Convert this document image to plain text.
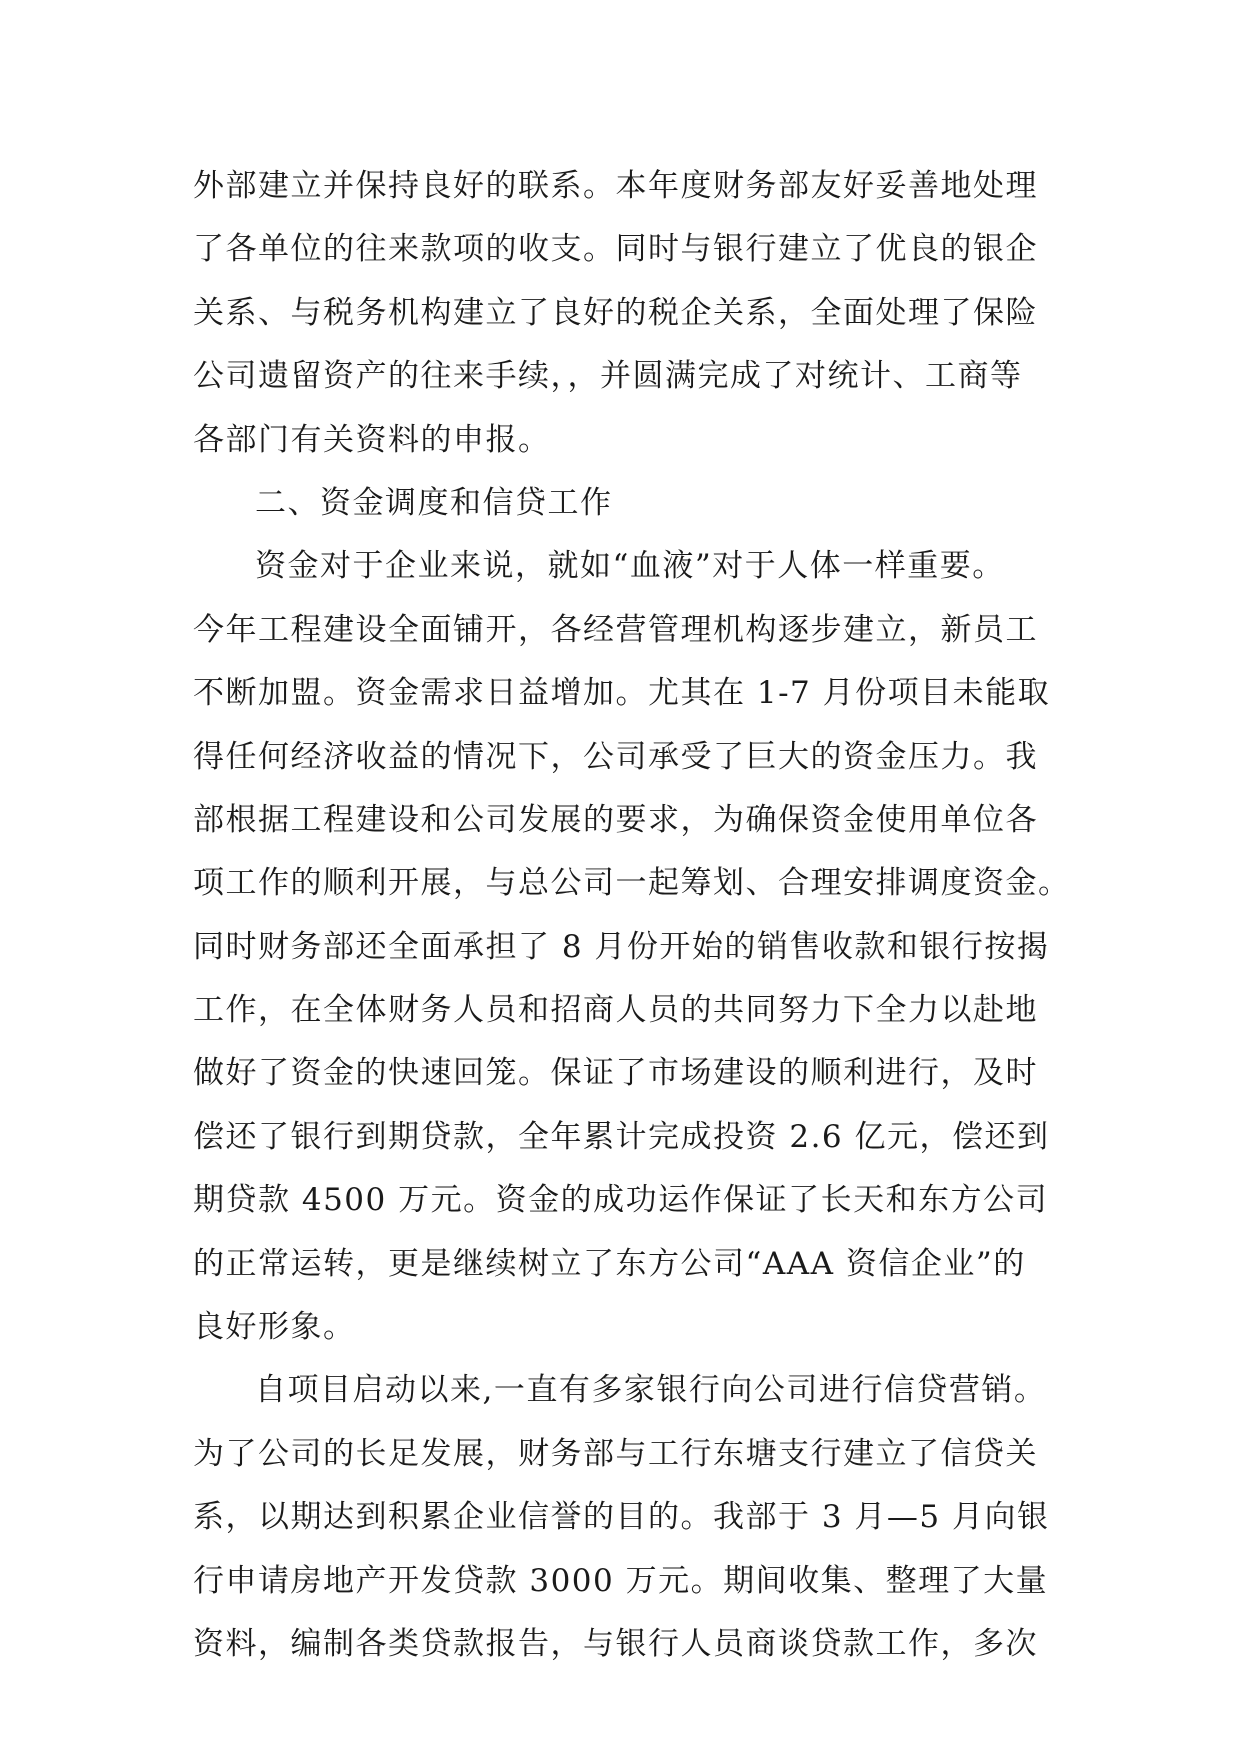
外部建立并保持良好的联系。本年度财务部友好妥善地处理
了各单位的往来款项的收支。同时与银行建立了优良的银企
关系、与税务机构建立了良好的税企关系，全面处理了保险
公司遗留资产的往来手续，，并圆满完成了对统计、工商等
各部门有关资料的申报。
二、资金调度和信贷工作
资金对于企业来说，就如“血液”对于人体一样重要。
今年工程建设全面铺开，各经营管理机构逐步建立，新员工
不断加盟。资金需求日益增加。尤其在 1-7 月份项目未能取
得任何经济收益的情况下，公司承受了巨大的资金压力。我
部根据工程建设和公司发展的要求，为确保资金使用单位各
项工作的顺利开展，与总公司一起筹划、合理安排调度资金。
同时财务部还全面承担了 8 月份开始的销售收款和银行按揭
工作，在全体财务人员和招商人员的共同努力下全力以赴地
做好了资金的快速回笼。保证了市场建设的顺利进行，及时
偿还了银行到期贷款，全年累计完成投资 2.6 亿元，偿还到
期贷款 4500 万元。资金的成功运作保证了长天和东方公司
的正常运转，更是继续树立了东方公司“AAA 资信企业”的
良好形象。
自项目启动以来,一直有多家银行向公司进行信贷营销。
为了公司的长足发展，财务部与工行东塘支行建立了信贷关
系，以期达到积累企业信誉的目的。我部于 3 月—5 月向银
行申请房地产开发贷款 3000 万元。期间收集、整理了大量
资料，编制各类贷款报告，与银行人员商谈贷款工作，多次
